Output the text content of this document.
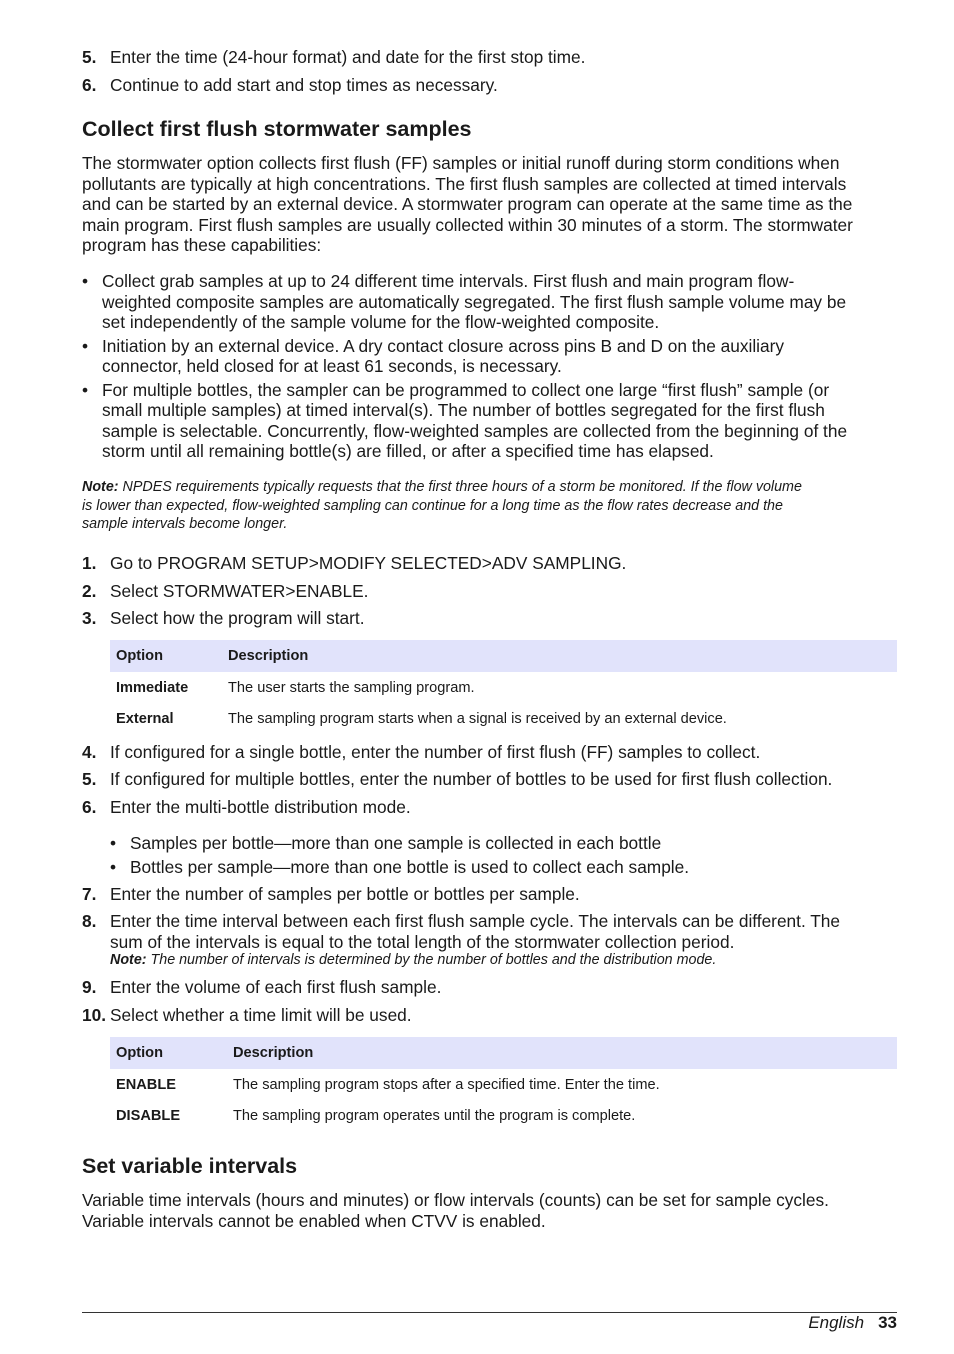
5. Enter the time (24-hour format) and date for the first stop time.
6. Continue to add start and stop times as necessary.
Collect first flush stormwater samples

The stormwater option collects first flush (FF) samples or initial runoff during storm conditions when
pollutants are typically at high concentrations. The first flush samples are collected at timed intervals
and can be started by an external device. A stormwater program can operate at the same time as the
main program. First flush samples are usually collected within 30 minutes of a storm. The stormwater
program has these capabilities:

• Collect grab samples at up to 24 different time intervals. First flush and main program flow-
weighted composite samples are automatically segregated. The first flush sample volume may be
set independently of the sample volume for the flow-weighted composite.
• Initiation by an external device. A dry contact closure across pins B and D on the auxiliary
connector, held closed for at least 61 seconds, is necessary.
• For multiple bottles, the sampler can be programmed to collect one large “first flush” sample (or
small multiple samples) at timed interval(s). The number of bottles segregated for the first flush
sample is selectable. Concurrently, flow-weighted samples are collected from the beginning of the
storm until all remaining bottle(s) are filled, or after a specified time has elapsed.

Note: NPDES requirements typically requests that the first three hours of a storm be monitored. If the flow volume
is lower than expected, flow-weighted sampling can continue for a long time as the flow rates decrease and the
sample intervals become longer.

1. Go to PROGRAM SETUP>MODIFY SELECTED>ADV SAMPLING.
2. Select STORMWATER>ENABLE.
3. Select how the program will start.
Option	Description
Immediate	The user starts the sampling program.
External	The sampling program starts when a signal is received by an external device.
4. If configured for a single bottle, enter the number of first flush (FF) samples to collect.
5. If configured for multiple bottles, enter the number of bottles to be used for first flush collection.
6. Enter the multi-bottle distribution mode.
• Samples per bottle—more than one sample is collected in each bottle
• Bottles per sample—more than one bottle is used to collect each sample.
7. Enter the number of samples per bottle or bottles per sample.
8. Enter the time interval between each first flush sample cycle. The intervals can be different. The
sum of the intervals is equal to the total length of the stormwater collection period.
Note: The number of intervals is determined by the number of bottles and the distribution mode.
9. Enter the volume of each first flush sample.
10. Select whether a time limit will be used.
Option	Description
ENABLE	The sampling program stops after a specified time. Enter the time.
DISABLE	The sampling program operates until the program is complete.
Set variable intervals

Variable time intervals (hours and minutes) or flow intervals (counts) can be set for sample cycles.
Variable intervals cannot be enabled when CTVV is enabled.

English 33
